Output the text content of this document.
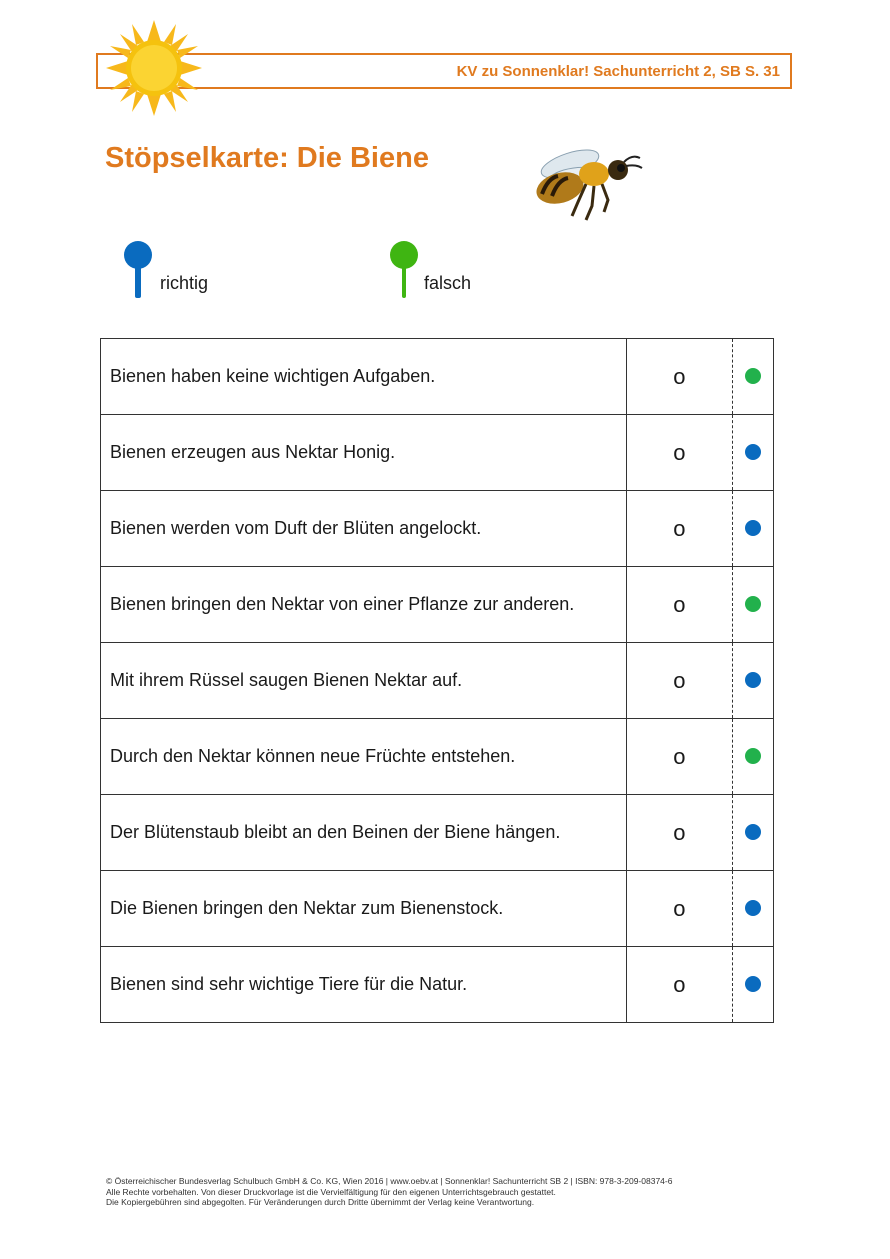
KV zu Sonnenklar! Sachunterricht 2, SB S. 31
Stöpselkarte: Die Biene
richtig	falsch
Bienen haben keine wichtigen Aufgaben.	o	
Bienen erzeugen aus Nektar Honig.	o	
Bienen werden vom Duft der Blüten angelockt.	o	
Bienen bringen den Nektar von einer Pflanze zur anderen.	o	
Mit ihrem Rüssel saugen Bienen Nektar auf.	o	
Durch den Nektar können neue Früchte entstehen.	o	
Der Blütenstaub bleibt an den Beinen der Biene hängen.	o	
Die Bienen bringen den Nektar zum Bienenstock.	o	
Bienen sind sehr wichtige Tiere für die Natur.	o	
© Österreichischer Bundesverlag Schulbuch GmbH & Co. KG, Wien 2016 | www.oebv.at | Sonnenklar! Sachunterricht SB 2 | ISBN: 978-3-209-08374-6
Alle Rechte vorbehalten. Von dieser Druckvorlage ist die Vervielfältigung für den eigenen Unterrichtsgebrauch gestattet.
Die Kopiergebühren sind abgegolten. Für Veränderungen durch Dritte übernimmt der Verlag keine Verantwortung.
